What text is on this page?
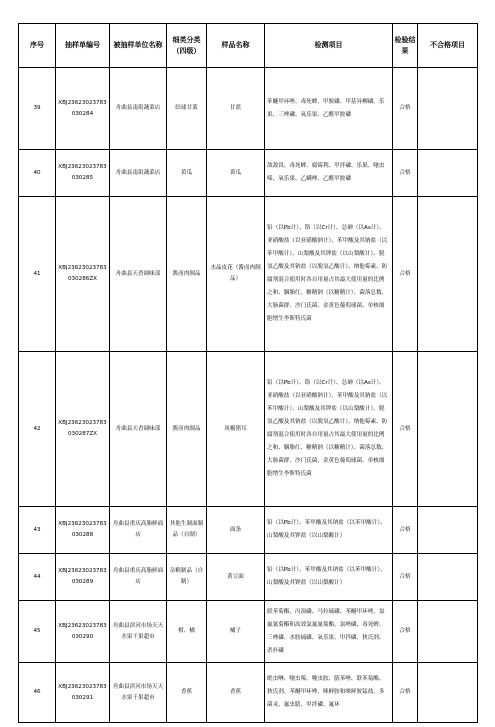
序号	抽样单编号	被抽样单位名称	细类分类（四级）	样品名称	检测项目	检验结果	不合格项目
39	XBJ23623023783030284	舟曲县南街蔬菜店	结球甘蓝	甘蓝	苯醚甲环唑、毒死蜱、甲胺磷、甲基异柳磷、乐果、三唑磷、氧乐果、乙酰甲胺磷	合格	
40	XBJ23623023783030285	舟曲县南街蔬菜店	黄瓜	黄瓜	敌敌畏、毒死蜱、腐霉利、甲拌磷、乐果、噻虫嗪、氧乐果、乙螨唑、乙酰甲胺磷	合格	
41	XBJ23623023783030286ZX	舟曲县天香调味部	酱卤肉制品	水晶皮花（酱卤肉制品）	铅（以Pb计）、铬（以Cr计）、总砷（以As计）、亚硝酸盐（以亚硝酸钠计）、苯甲酸及其钠盐（以苯甲酸计）、山梨酸及其钾盐（以山梨酸计）、脱氢乙酸及其钠盐（以脱氢乙酸计）、纳他霉素、防腐剂混合使用时各自用量占其最大使用量的比例之和、胭脂红、糖精钠（以糖精计）、菌落总数、大肠菌群、沙门氏菌、金黄色葡萄球菌、单核细胞增生李斯特氏菌	合格	
42	XBJ23623023783030287ZX	舟曲县天香调味部	酱卤肉制品	凤椒猪耳	铅（以Pb计）、铬（以Cr计）、总砷（以As计）、亚硝酸盐（以亚硝酸钠计）、苯甲酸及其钠盐（以苯甲酸计）、山梨酸及其钾盐（以山梨酸计）、脱氢乙酸及其钠盐（以脱氢乙酸计）、纳他霉素、防腐剂混合使用时各自用量占其最大使用量的比例之和、胭脂红、糖精钠（以糖精计）、菌落总数、大肠菌群、沙门氏菌、金黄色葡萄球菌、单核细胞增生李斯特氏菌	合格	
43	XBJ23623023783030288	舟曲县重庆高脂鲜面店	其他生制面制品（自制）	面条	铅（以Pb计）、苯甲酸及其钠盐（以苯甲酸计）、山梨酸及其钾盐（以山梨酸计）	合格	
44	XBJ23623023783030289	舟曲县重庆高脂鲜面店	杂粮制品（自制）	黄豆面	铅（以Pb计）、苯甲酸及其钠盐（以苯甲酸计）、山梨酸及其钾盐（以山梨酸计）	合格	
45	XBJ23623023783030290	舟曲县滨河市场天天水果千果超市	柑、橘	橘子	联苯菊酯、丙溴磷、马拉硫磷、苯醚甲环唑、氯氟氰菊酯和高效氯氟氰菊酯、氯唑磷、毒死蜱、三唑磷、水胺硫磷、氧乐果、甲拌磷、狄氏剂、杀扑磷	合格	
46	XBJ23623023783030291	舟曲县滨河市场天天水果千果超市	香蕉	香蕉	吡虫啉、噻虫嗪、噻虫胺、腈苯唑、联苯菊酯、狄氏剂、苯醚甲环唑、咪鲜胺和咪鲜胺锰盐、多菌灵、氟虫腈、甲拌磷、氟环	合格	
